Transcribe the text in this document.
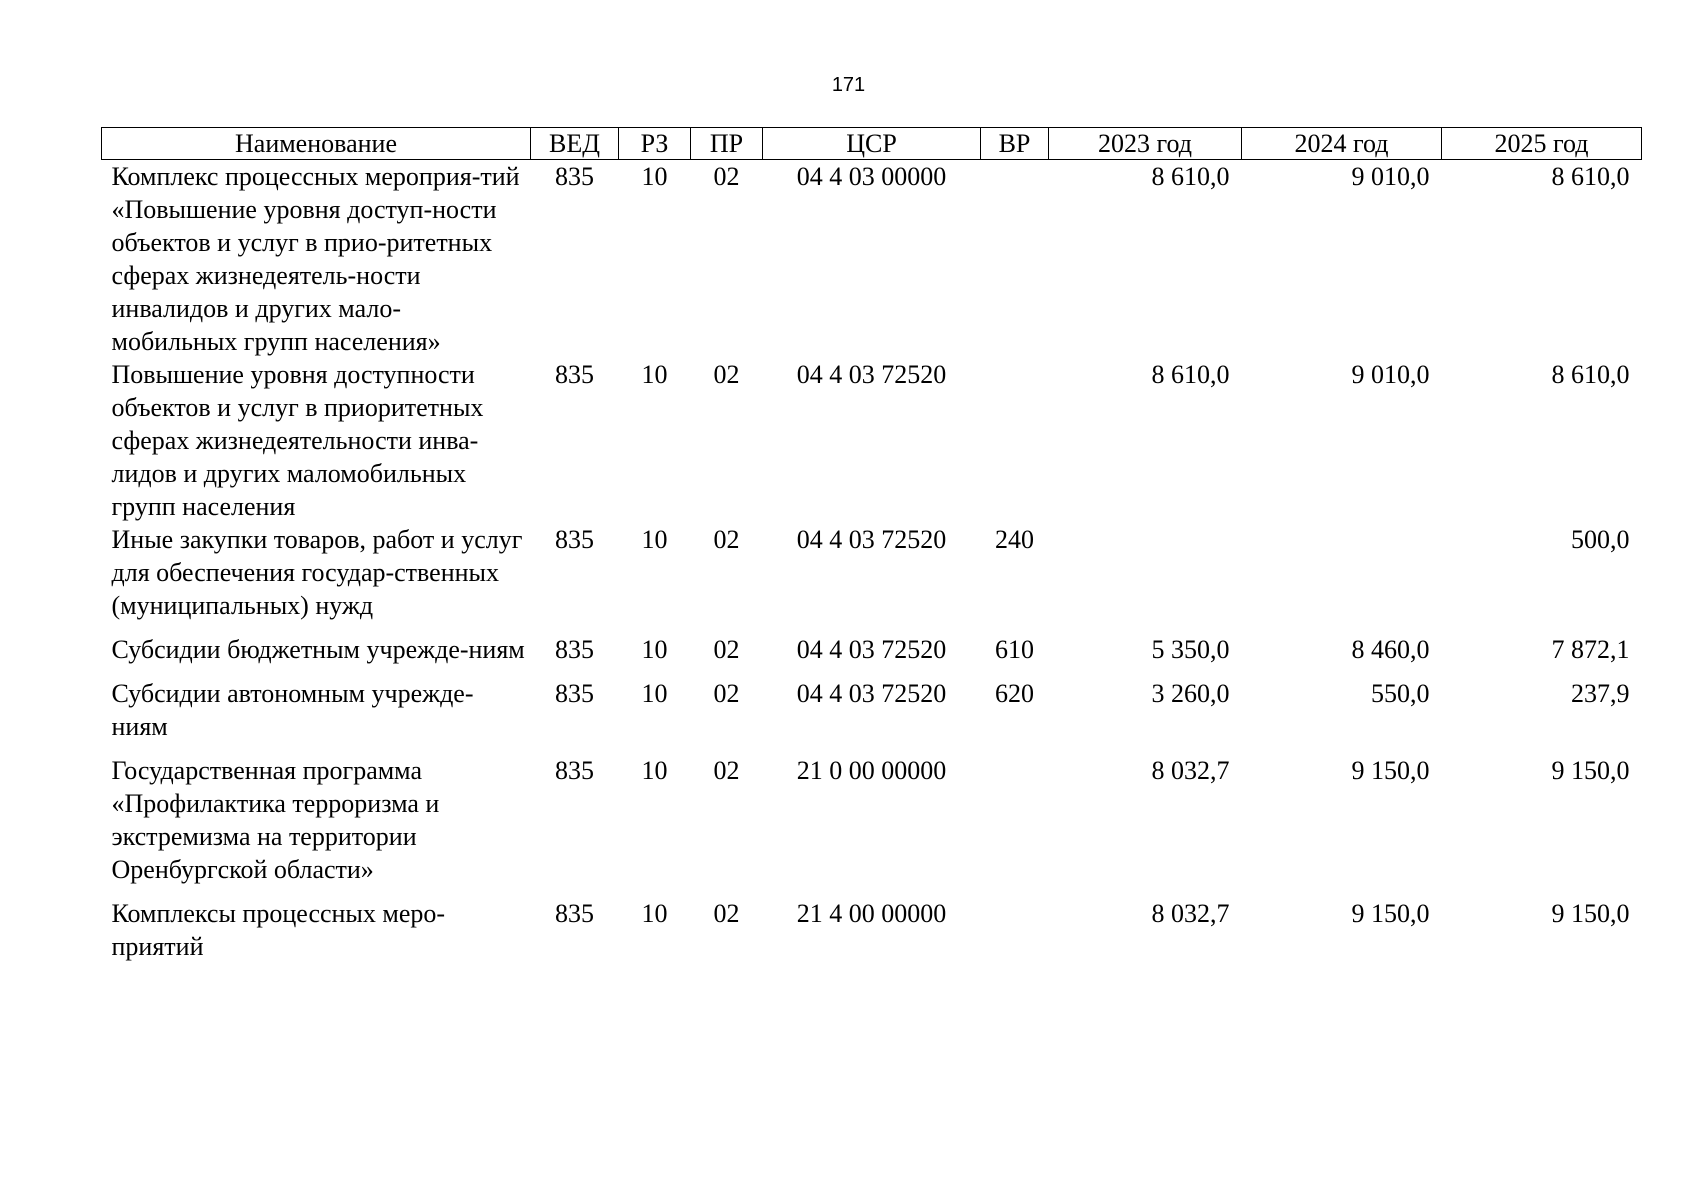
171
Наименование	ВЕД	РЗ	ПР	ЦСР	ВР	2023 год	2024 год	2025 год
Комплекс процессных мероприя-тий «Повышение уровня доступ-ности объектов и услуг в прио-ритетных сферах жизнедеятель-ности инвалидов и других мало-мобильных групп населения»	835	10	02	04 4 03 00000		8 610,0	9 010,0	8 610,0
Повышение уровня доступности объектов и услуг в приоритетных сферах жизнедеятельности инва-лидов и других маломобильных групп населения	835	10	02	04 4 03 72520		8 610,0	9 010,0	8 610,0
Иные закупки товаров, работ и услуг для обеспечения государ-ственных (муниципальных) нужд	835	10	02	04 4 03 72520	240			500,0
Субсидии бюджетным учрежде-ниям	835	10	02	04 4 03 72520	610	5 350,0	8 460,0	7 872,1
Субсидии автономным учрежде-ниям	835	10	02	04 4 03 72520	620	3 260,0	550,0	237,9
Государственная программа «Профилактика терроризма и экстремизма на территории Оренбургской области»	835	10	02	21 0 00 00000		8 032,7	9 150,0	9 150,0
Комплексы процессных меро-приятий	835	10	02	21 4 00 00000		8 032,7	9 150,0	9 150,0
